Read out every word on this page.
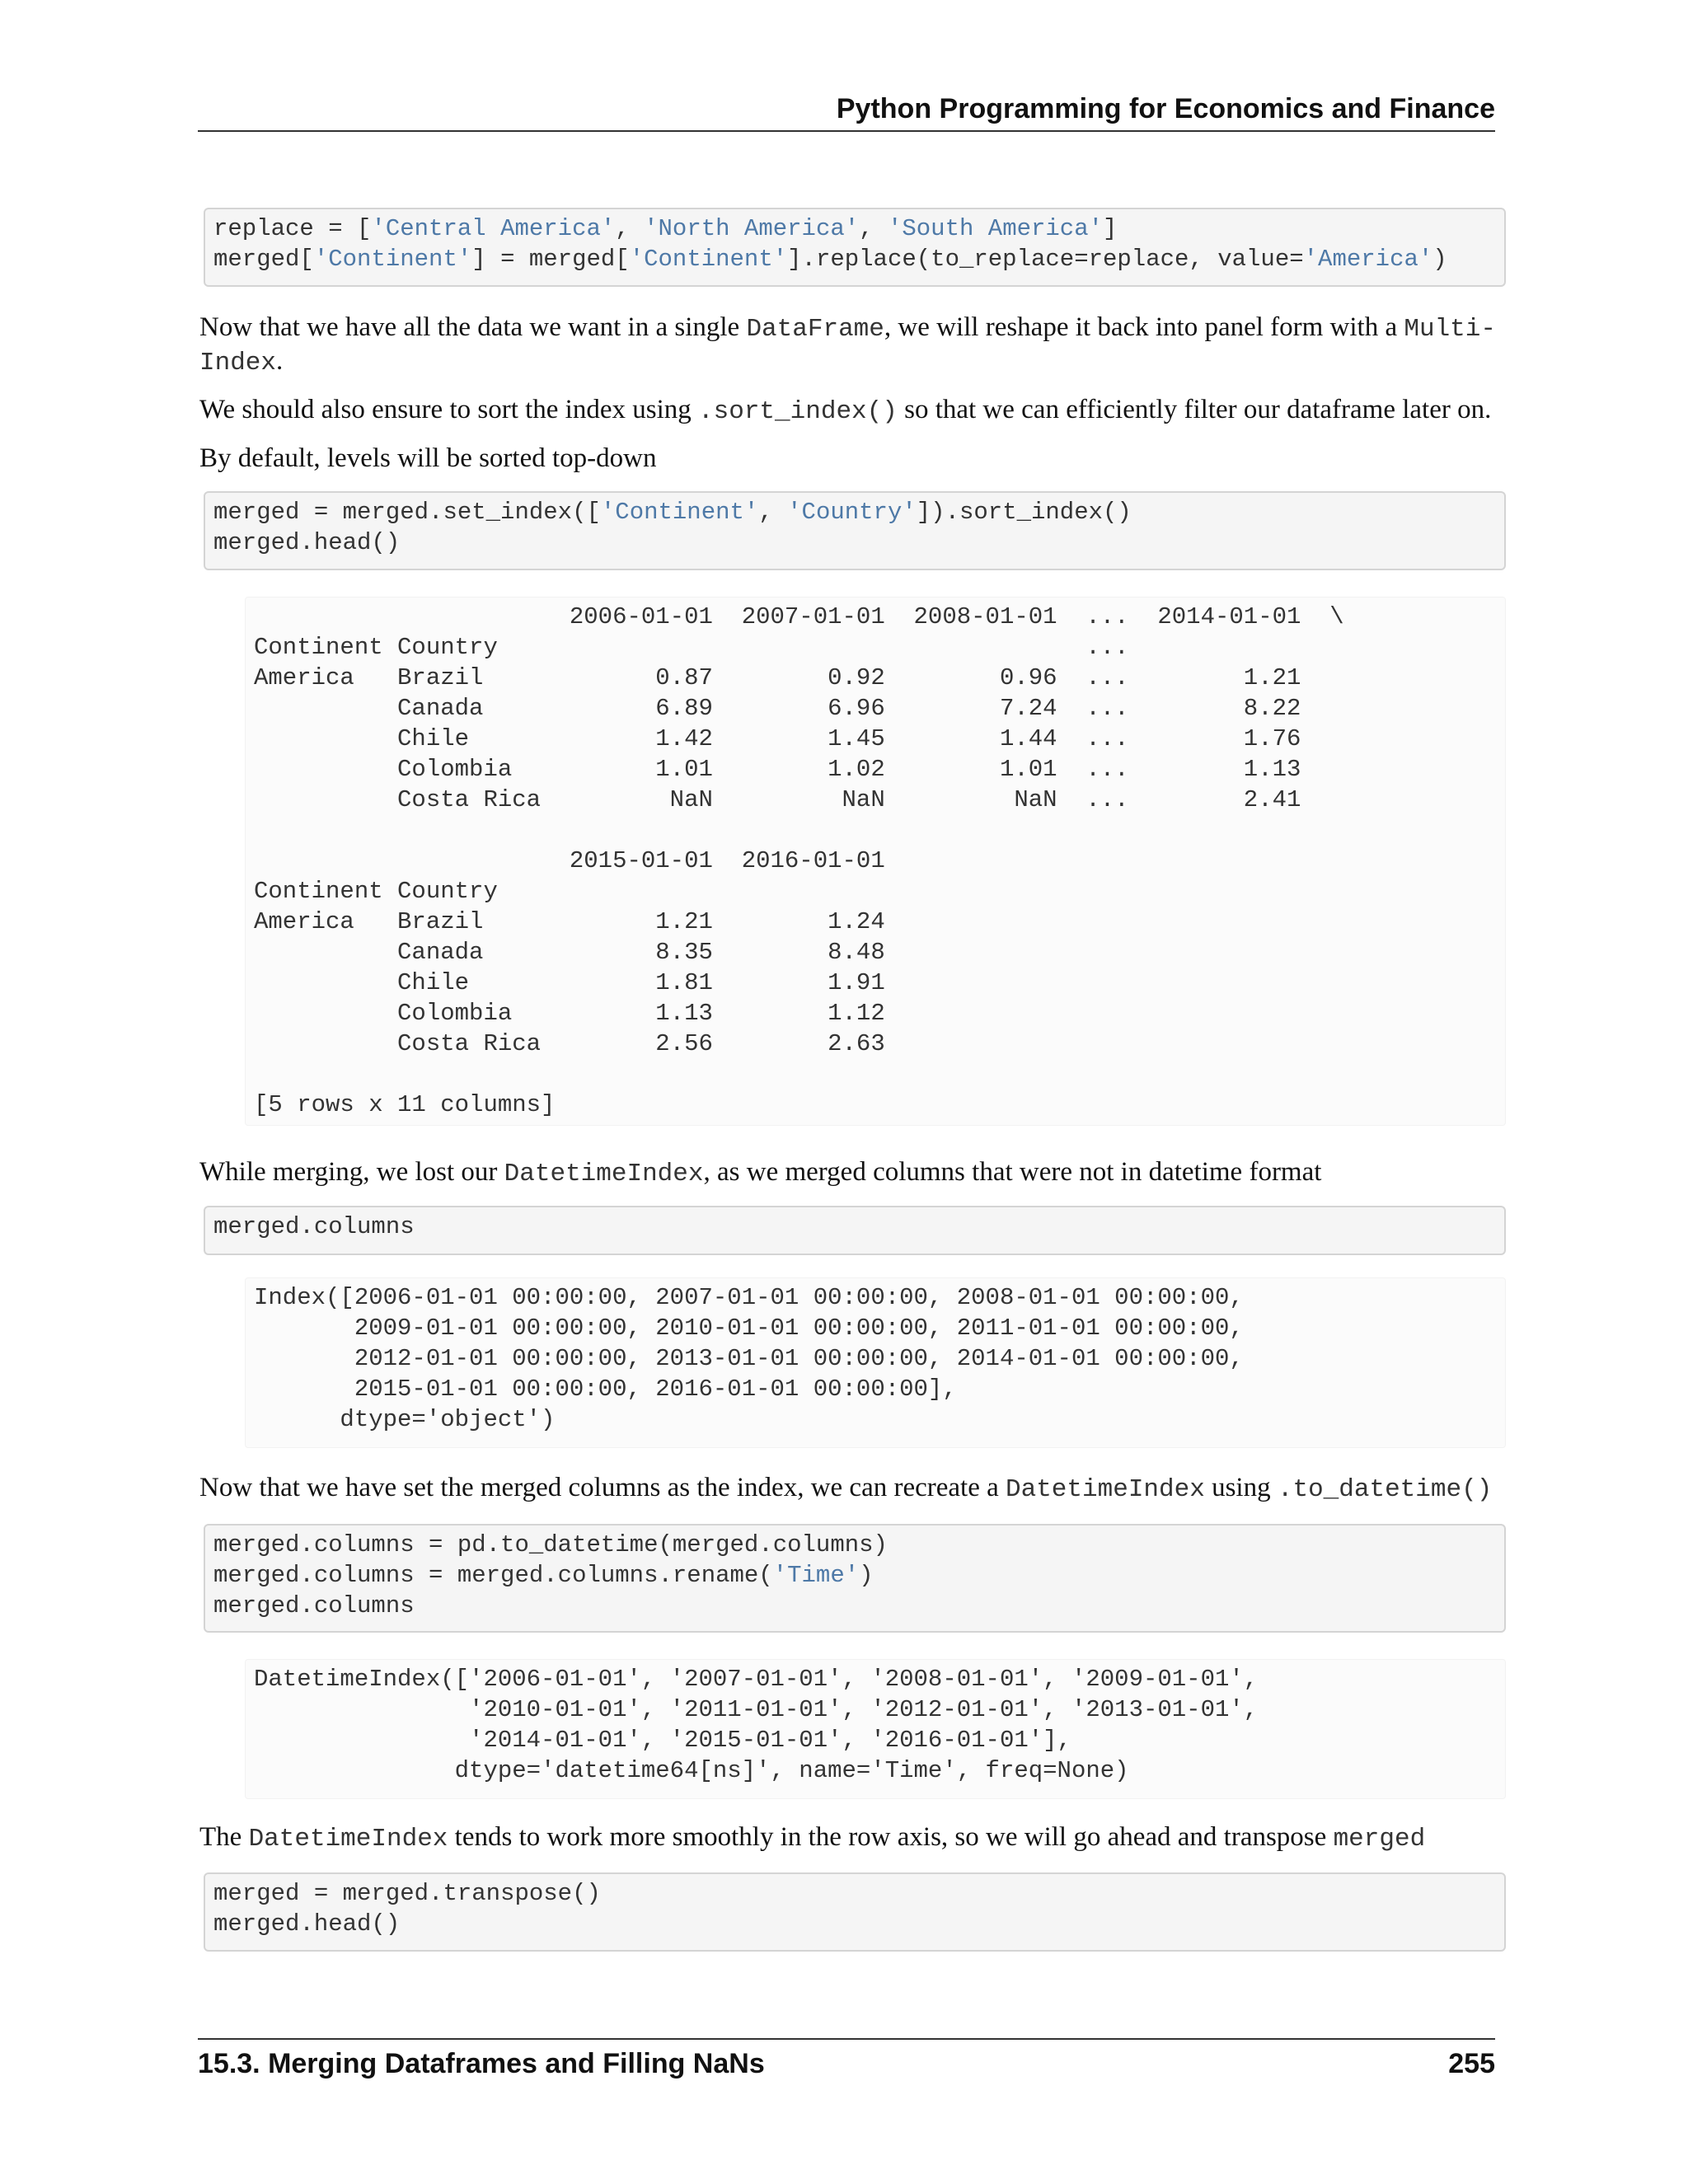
Python Programming for Economics and Finance
replace = ['Central America', 'North America', 'South America']
merged['Continent'] = merged['Continent'].replace(to_replace=replace, value='America')

Now that we have all the data we want in a single DataFrame, we will reshape it back into panel form with a Multi-
Index.

We should also ensure to sort the index using .sort_index() so that we can efficiently filter our dataframe later on.

By default, levels will be sorted top-down

merged = merged.set_index(['Continent', 'Country']).sort_index()
merged.head()
2006-01-01  2007-01-01  2008-01-01  ...  2014-01-01  \
Continent Country                                         ...
America   Brazil            0.87        0.92        0.96  ...        1.21
Canada            6.89        6.96        7.24  ...        8.22
Chile             1.42        1.45        1.44  ...        1.76
Colombia          1.01        1.02        1.01  ...        1.13
Costa Rica         NaN         NaN         NaN  ...        2.41
2015-01-01  2016-01-01
Continent Country
America   Brazil            1.21        1.24
Canada            8.35        8.48
Chile             1.81        1.91
Colombia          1.13        1.12
Costa Rica        2.56        2.63
[5 rows x 11 columns]

While merging, we lost our DatetimeIndex, as we merged columns that were not in datetime format

merged.columns
Index([2006-01-01 00:00:00, 2007-01-01 00:00:00, 2008-01-01 00:00:00,
2009-01-01 00:00:00, 2010-01-01 00:00:00, 2011-01-01 00:00:00,
2012-01-01 00:00:00, 2013-01-01 00:00:00, 2014-01-01 00:00:00,
2015-01-01 00:00:00, 2016-01-01 00:00:00],
dtype='object')

Now that we have set the merged columns as the index, we can recreate a DatetimeIndex using .to_datetime()

merged.columns = pd.to_datetime(merged.columns)
merged.columns = merged.columns.rename('Time')
merged.columns
DatetimeIndex(['2006-01-01', '2007-01-01', '2008-01-01', '2009-01-01',
'2010-01-01', '2011-01-01', '2012-01-01', '2013-01-01',
'2014-01-01', '2015-01-01', '2016-01-01'],
dtype='datetime64[ns]', name='Time', freq=None)

The DatetimeIndex tends to work more smoothly in the row axis, so we will go ahead and transpose merged

merged = merged.transpose()
merged.head()
15.3. Merging Dataframes and Filling NaNs	255
